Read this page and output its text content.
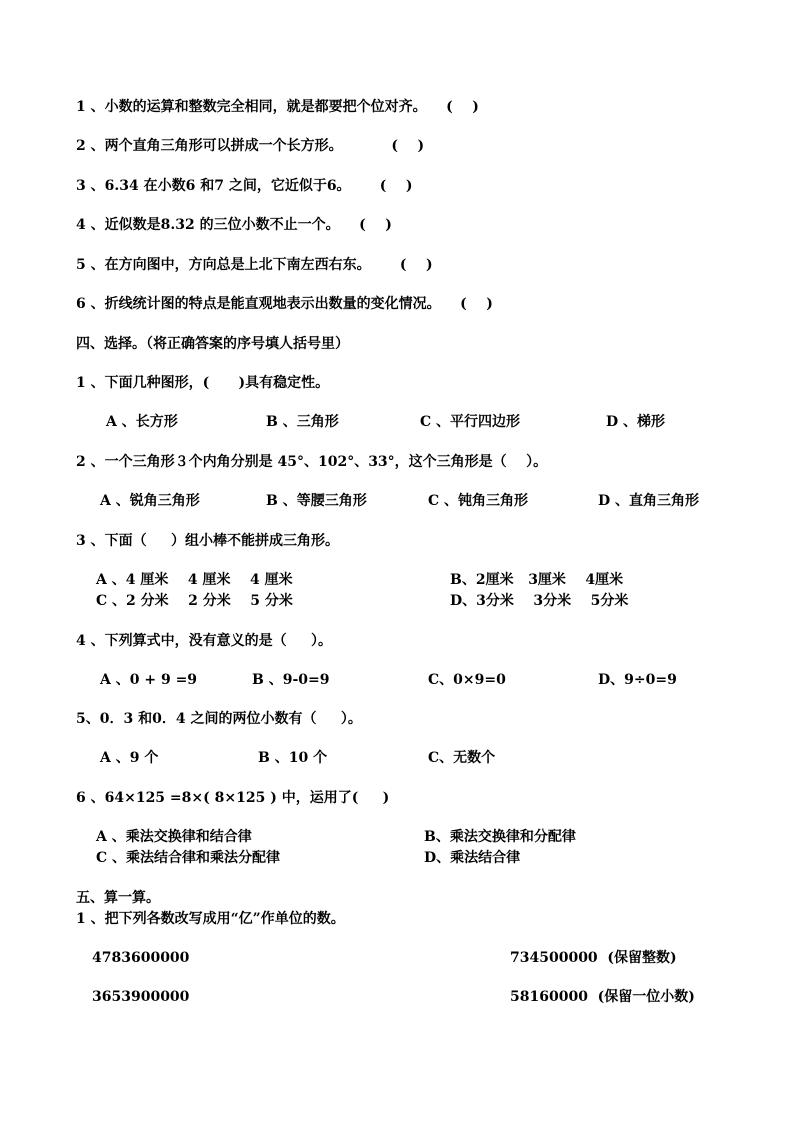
1 、小数的运算和整数完全相同，就是都要把个位对齐。    (    )
2 、两个直角三角形可以拼成一个长方形。          (    )
3 、6.34 在小数6 和7 之间，它近似于6。      (    )
4 、近似数是8.32 的三位小数不止一个。    (    )
5 、在方向图中，方向总是上北下南左西右东。      (    )
6 、折线统计图的特点是能直观地表示出数量的变化情况。    (    )
四、选择。（将正确答案的序号填人括号里）
1 、下面几种图形，(      )具有稳定性。
A 、长方形	B 、三角形	C 、平行四边形	D 、梯形
2 、一个三角形３个内角分别是 45°、102°、33°，这个三角形是（    ）。
A 、锐角三角形	B 、等腰三角形	C 、钝角三角形	D 、直角三角形
3 、下面（     ）组小棒不能拼成三角形。
A 、4 厘米    4 厘米    4 厘米	B、2厘米   3厘米    4厘米
C 、2 分米    2 分米    5 分米	D、3分米    3分米    5分米
4 、下列算式中，没有意义的是（     ）。
A 、0 + 9 =9	B 、9-0=9	C、0×9=0	D、9÷0=9
5、0．3 和0．4 之间的两位小数有（     ）。
A 、9 个	B 、10 个	C、无数个
6 、64×125 =8×( 8×125 ) 中，运用了(     )
A 、乘法交换律和结合律	B、乘法交换律和分配律
C 、乘法结合律和乘法分配律	D、乘法结合律
五、算一算。
1 、把下列各数改写成用“亿”作单位的数。
4783600000	734500000  (保留整数)
3653900000	58160000  (保留一位小数)
